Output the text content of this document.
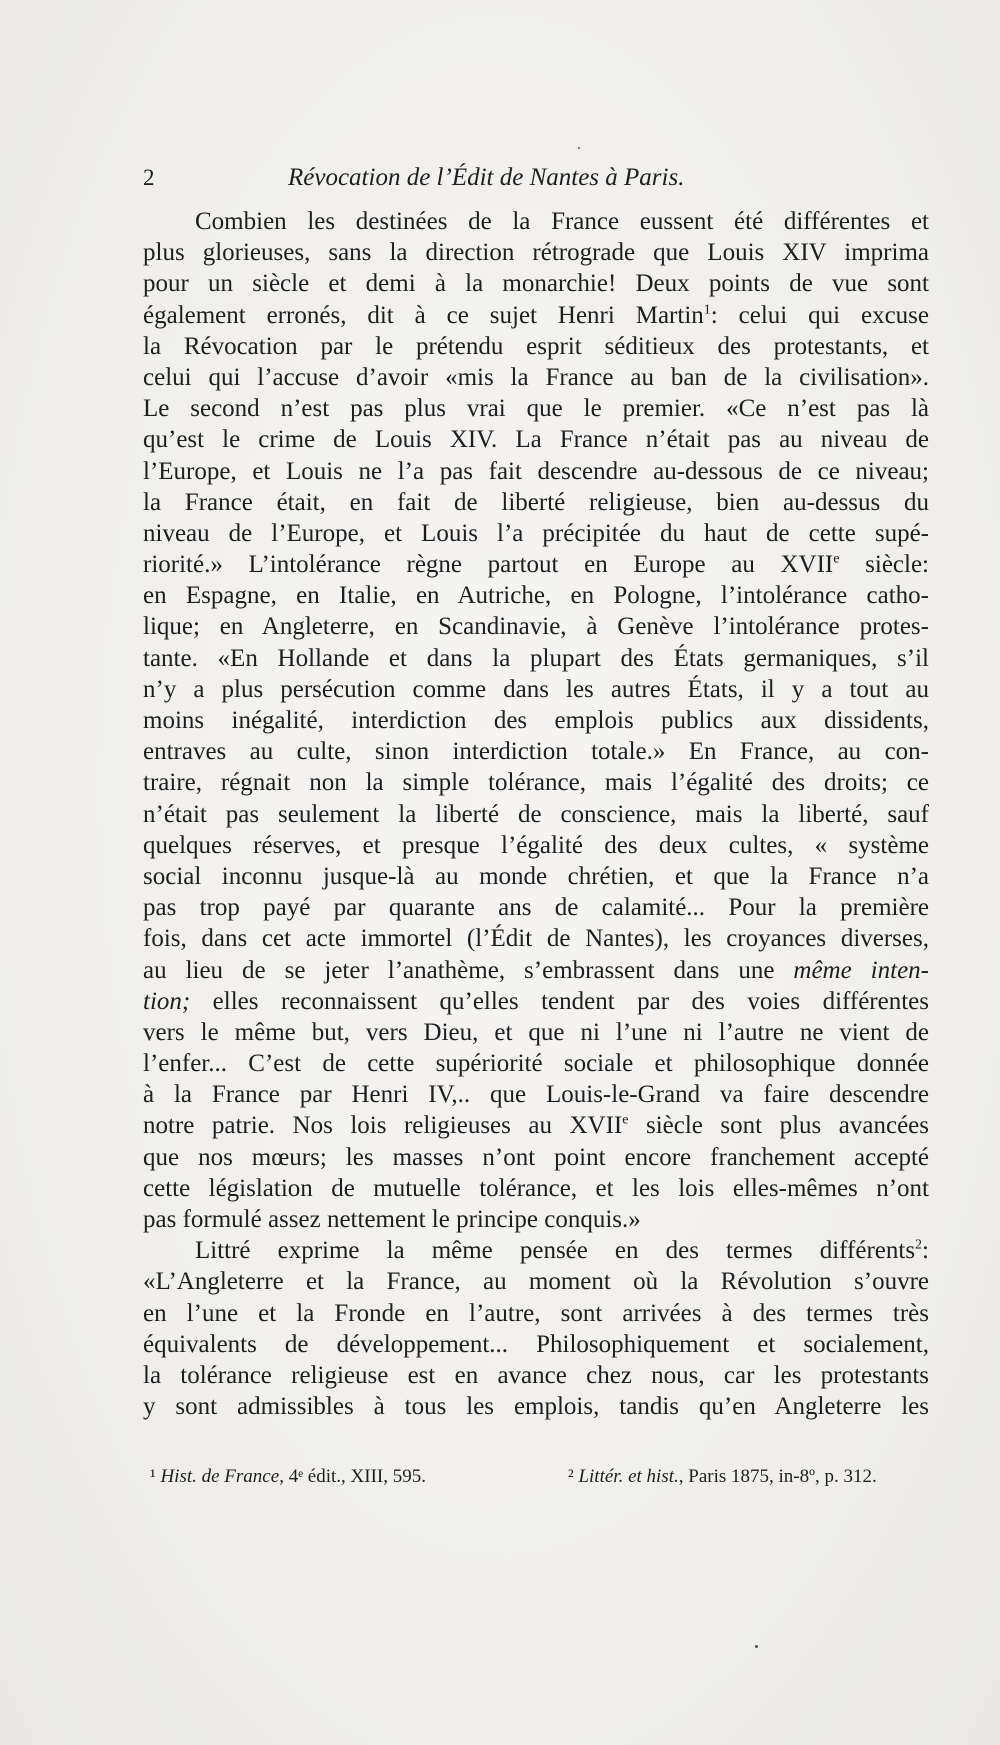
2	Révocation de l’Édit de Nantes à Paris.
Combien les destinées de la France eussent été différentes et
plus glorieuses, sans la direction rétrograde que Louis XIV imprima
pour un siècle et demi à la monarchie! Deux points de vue sont
également erronés, dit à ce sujet Henri Martin$^1$: celui qui excuse
la Révocation par le prétendu esprit séditieux des protestants, et
celui qui l’accuse d’avoir «mis la France au ban de la civilisation».
Le second n’est pas plus vrai que le premier. «Ce n’est pas là
qu’est le crime de Louis XIV. La France n’était pas au niveau de
l’Europe, et Louis ne l’a pas fait descendre au-dessous de ce niveau;
la France était, en fait de liberté religieuse, bien au-dessus du
niveau de l’Europe, et Louis l’a précipitée du haut de cette supé-
riorité.» L’intolérance règne partout en Europe au XVIIe siècle:
en Espagne, en Italie, en Autriche, en Pologne, l’intolérance catho-
lique; en Angleterre, en Scandinavie, à Genève l’intolérance protes-
tante. «En Hollande et dans la plupart des États germaniques, s’il
n’y a plus persécution comme dans les autres États, il y a tout au
moins inégalité, interdiction des emplois publics aux dissidents,
entraves au culte, sinon interdiction totale.» En France, au con-
traire, régnait non la simple tolérance, mais l’égalité des droits; ce
n’était pas seulement la liberté de conscience, mais la liberté, sauf
quelques réserves, et presque l’égalité des deux cultes, « système
social inconnu jusque-là au monde chrétien, et que la France n’a
pas trop payé par quarante ans de calamité... Pour la première
fois, dans cet acte immortel (l’Édit de Nantes), les croyances diverses,
au lieu de se jeter l’anathème, s’embrassent dans une même inten-
tion; elles reconnaissent qu’elles tendent par des voies différentes
vers le même but, vers Dieu, et que ni l’une ni l’autre ne vient de
l’enfer... C’est de cette supériorité sociale et philosophique donnée
à la France par Henri IV,.. que Louis-le-Grand va faire descendre
notre patrie. Nos lois religieuses au XVIIe siècle sont plus avancées
que nos mœurs; les masses n’ont point encore franchement accepté
cette législation de mutuelle tolérance, et les lois elles-mêmes n’ont
pas formulé assez nettement le principe conquis.»
Littré exprime la même pensée en des termes différents$^2$:
«L’Angleterre et la France, au moment où la Révolution s’ouvre
en l’une et la Fronde en l’autre, sont arrivées à des termes très
équivalents de développement... Philosophiquement et socialement,
la tolérance religieuse est en avance chez nous, car les protestants
y sont admissibles à tous les emplois, tandis qu’en Angleterre les
¹ Hist. de France, 4ᵉ édit., XIII, 595.	² Littér. et hist., Paris 1875, in-8º, p. 312.
